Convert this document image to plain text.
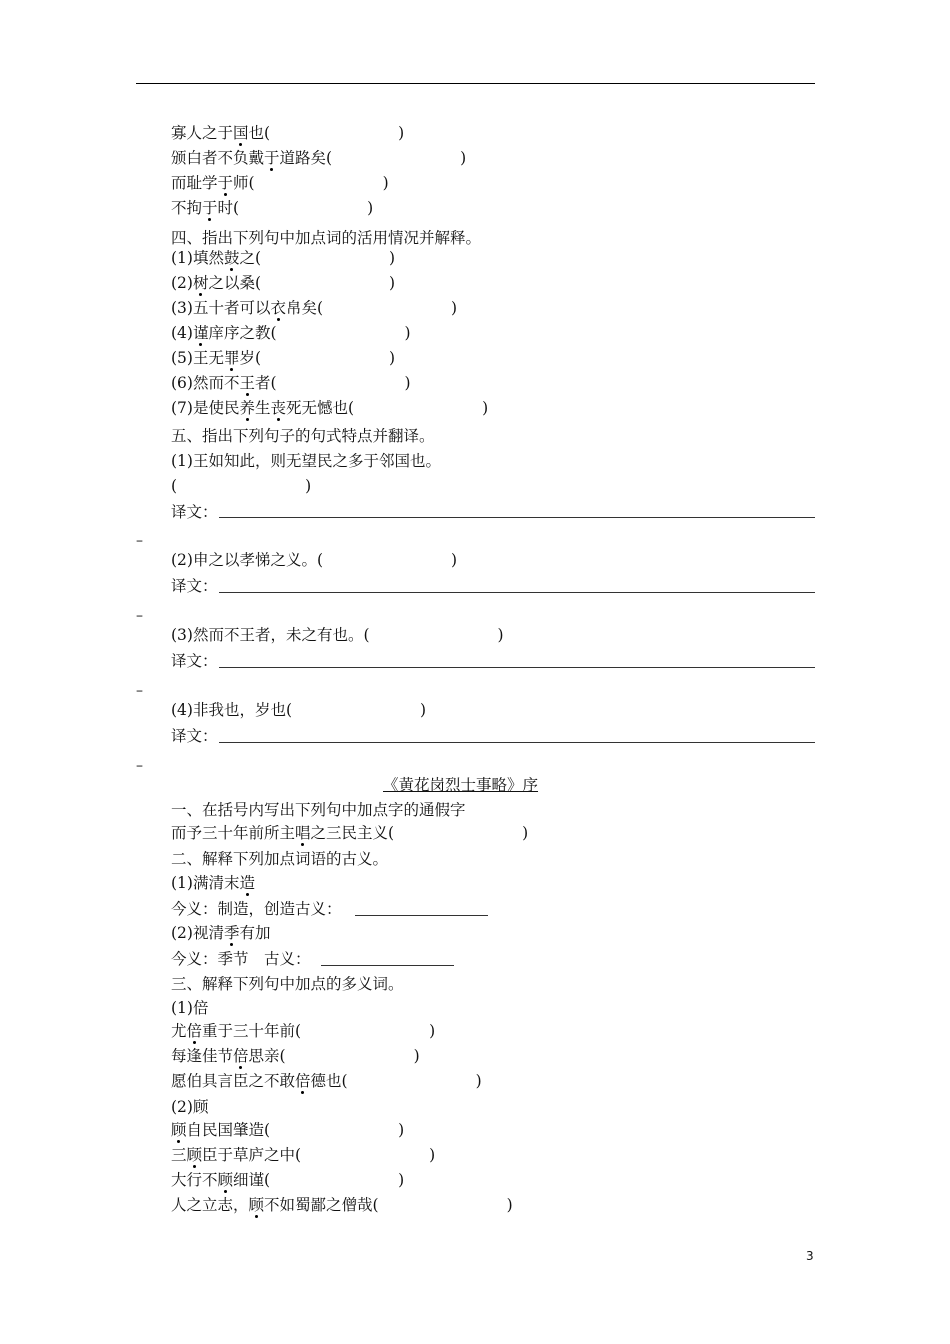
寡人之于国也(	)
颁白者不负戴于道路矣(	)
而耻学于师(	)
不拘于时(	)
四、指出下列句中加点词的活用情况并解释。
(1)填然鼓之(	)
(2)树之以桑(	)
(3)五十者可以衣帛矣(	)
(4)谨庠序之教(	)
(5)王无罪岁(	)
(6)然而不王者(	)
(7)是使民养生丧死无憾也(	)
五、指出下列句子的句式特点并翻译。
(1)王如知此，则无望民之多于邻国也。
(	)
译文：
–
(2)申之以孝悌之义。(	)
译文：
–
(3)然而不王者，未之有也。(	)
译文：
–
(4)非我也，岁也(	)
译文：
–
《黄花岗烈士事略》序
一、在括号内写出下列句中加点字的通假字
而予三十年前所主唱之三民主义(	)
二、解释下列加点词语的古义。
(1)满清末造
今义：制造，创造古义：
(2)视清季有加
今义：季节　古义：
三、解释下列句中加点的多义词。
(1)倍
尤倍重于三十年前(	)
每逢佳节倍思亲(	)
愿伯具言臣之不敢倍德也(	)
(2)顾
顾自民国肇造(	)
三顾臣于草庐之中(	)
大行不顾细谨(	)
人之立志，顾不如蜀鄙之僧哉(	)
3
